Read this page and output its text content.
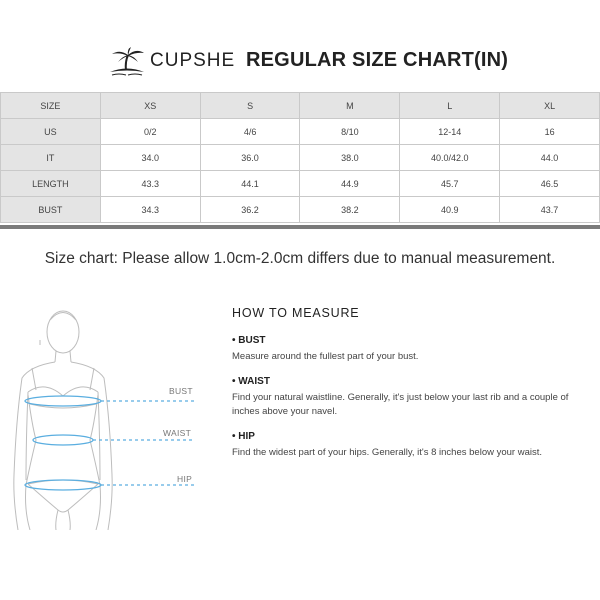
CUPSHE REGULAR SIZE CHART(IN)
SIZE	XS	S	M	L	XL
US	0/2	4/6	8/10	12-14	16
IT	34.0	36.0	38.0	40.0/42.0	44.0
LENGTH	43.3	44.1	44.9	45.7	46.5
BUST	34.3	36.2	38.2	40.9	43.7
Size chart: Please allow 1.0cm-2.0cm differs due to manual measurement.
BUST
WAIST
HIP
HOW TO MEASURE
• BUST
Measure around the fullest part of your bust.
• WAIST
Find your natural waistline. Generally, it's just below your last rib and a couple of inches above your navel.
• HIP
Find the widest part of your hips. Generally, it's 8 inches below your waist.
